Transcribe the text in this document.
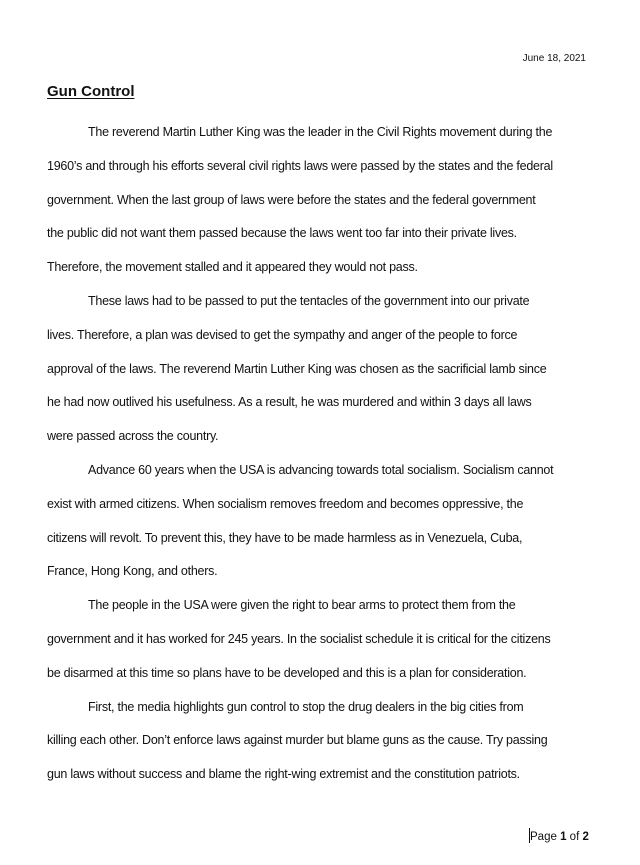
June 18, 2021
Gun Control
The reverend Martin Luther King was the leader in the Civil Rights movement during the
1960’s and through his efforts several civil rights laws were passed by the states and the federal
government. When the last group of laws were before the states and the federal government
the public did not want them passed because the laws went too far into their private lives.
Therefore, the movement stalled and it appeared they would not pass.
These laws had to be passed to put the tentacles of the government into our private
lives. Therefore, a plan was devised to get the sympathy and anger of the people to force
approval of the laws. The reverend Martin Luther King was chosen as the sacrificial lamb since
he had now outlived his usefulness. As a result, he was murdered and within 3 days all laws
were passed across the country.
Advance 60 years when the USA is advancing towards total socialism. Socialism cannot
exist with armed citizens. When socialism removes freedom and becomes oppressive, the
citizens will revolt. To prevent this, they have to be made harmless as in Venezuela, Cuba,
France, Hong Kong, and others.
The people in the USA were given the right to bear arms to protect them from the
government and it has worked for 245 years. In the socialist schedule it is critical for the citizens
be disarmed at this time so plans have to be developed and this is a plan for consideration.
First, the media highlights gun control to stop the drug dealers in the big cities from
killing each other. Don’t enforce laws against murder but blame guns as the cause. Try passing
gun laws without success and blame the right-wing extremist and the constitution patriots.
Page 1 of 2
